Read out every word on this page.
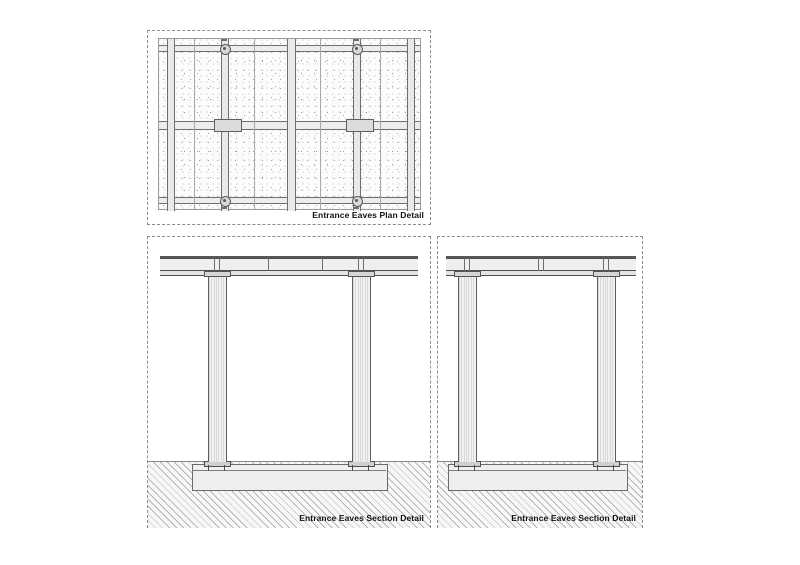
Entrance Eaves Plan Detail
Entrance Eaves Section Detail	Entrance Eaves Section Detail
